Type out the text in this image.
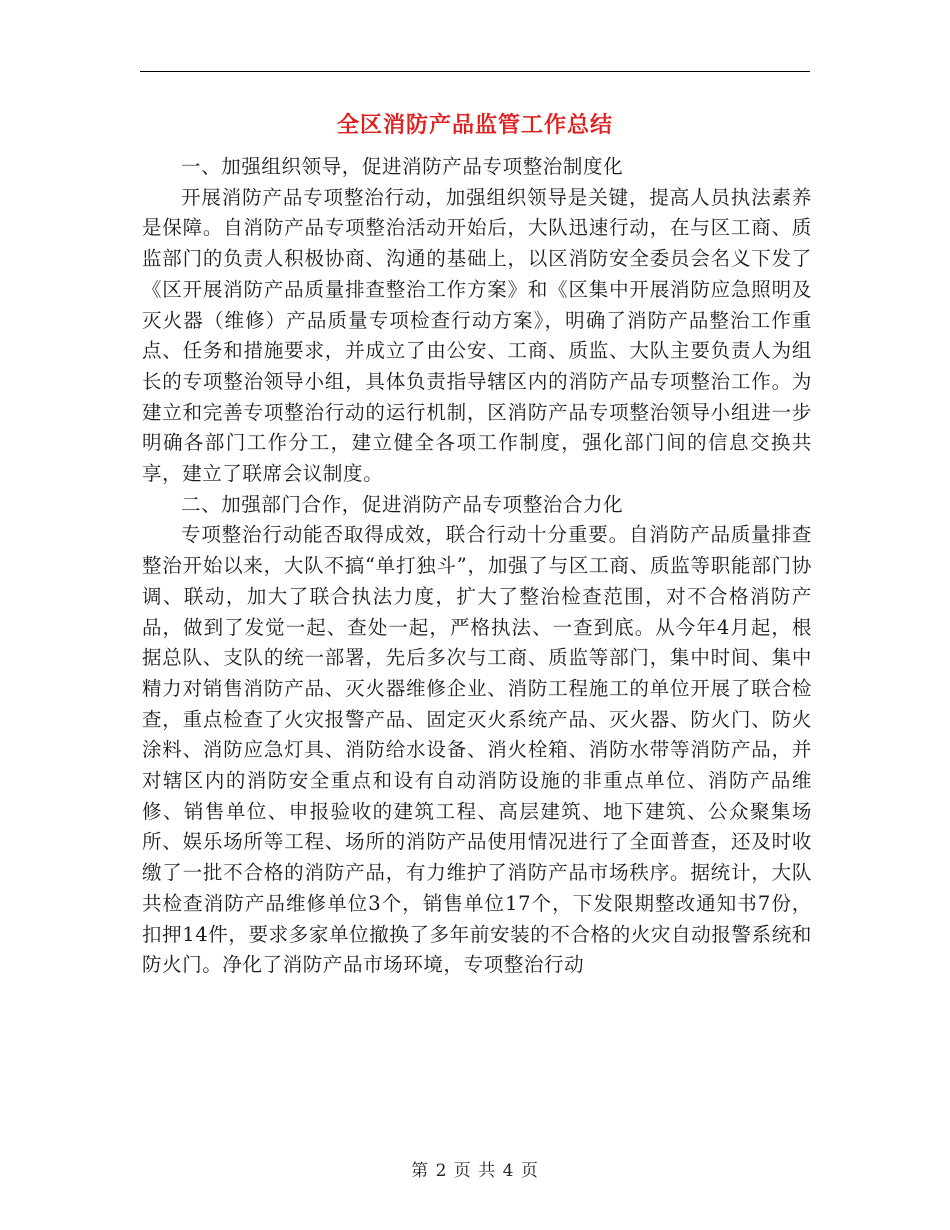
全区消防产品监管工作总结

一、加强组织领导，促进消防产品专项整治制度化

开展消防产品专项整治行动，加强组织领导是关键，提高人员执法素养是保障。自消防产品专项整治活动开始后，大队迅速行动，在与区工商、质监部门的负责人积极协商、沟通的基础上，以区消防安全委员会名义下发了《区开展消防产品质量排查整治工作方案》和《区集中开展消防应急照明及灭火器（维修）产品质量专项检查行动方案》，明确了消防产品整治工作重点、任务和措施要求，并成立了由公安、工商、质监、大队主要负责人为组长的专项整治领导小组，具体负责指导辖区内的消防产品专项整治工作。为建立和完善专项整治行动的运行机制，区消防产品专项整治领导小组进一步明确各部门工作分工，建立健全各项工作制度，强化部门间的信息交换共享，建立了联席会议制度。

二、加强部门合作，促进消防产品专项整治合力化

专项整治行动能否取得成效，联合行动十分重要。自消防产品质量排查整治开始以来，大队不搞“单打独斗”，加强了与区工商、质监等职能部门协调、联动，加大了联合执法力度，扩大了整治检查范围，对不合格消防产品，做到了发觉一起、查处一起，严格执法、一查到底。从今年4月起，根据总队、支队的统一部署，先后多次与工商、质监等部门，集中时间、集中精力对销售消防产品、灭火器维修企业、消防工程施工的单位开展了联合检查，重点检查了火灾报警产品、固定灭火系统产品、灭火器、防火门、防火涂料、消防应急灯具、消防给水设备、消火栓箱、消防水带等消防产品，并对辖区内的消防安全重点和设有自动消防设施的非重点单位、消防产品维修、销售单位、申报验收的建筑工程、高层建筑、地下建筑、公众聚集场所、娱乐场所等工程、场所的消防产品使用情况进行了全面普查，还及时收缴了一批不合格的消防产品，有力维护了消防产品市场秩序。据统计，大队共检查消防产品维修单位3个，销售单位17个，下发限期整改通知书7份，扣押14件，要求多家单位撤换了多年前安装的不合格的火灾自动报警系统和防火门。净化了消防产品市场环境，专项整治行动

第 2 页 共 4 页
